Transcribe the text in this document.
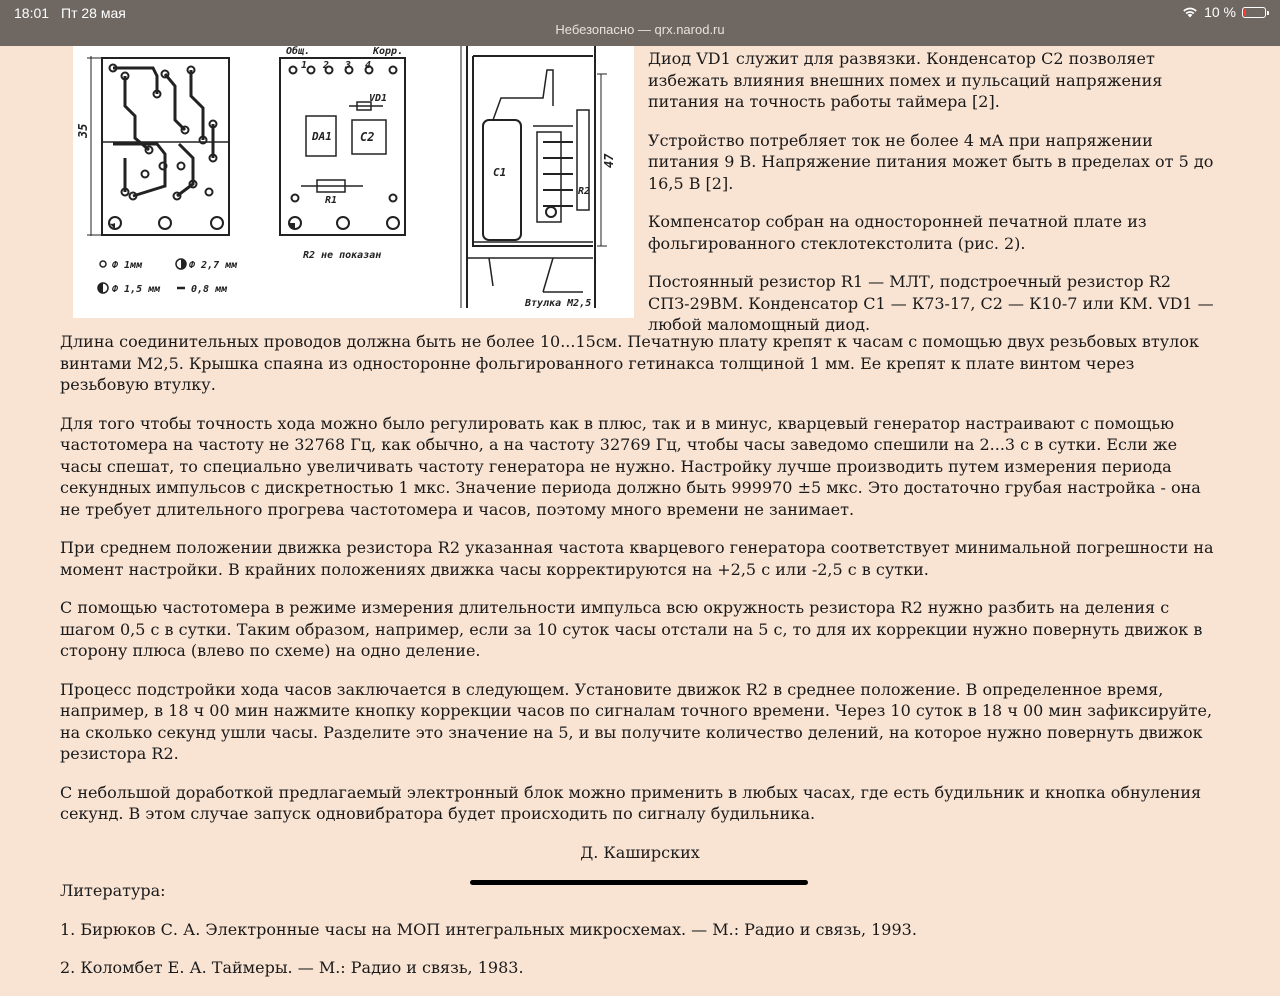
18:01 Пт 28 мая
Небезопасно — qrx.narod.ru
10 %
35
47
Общ.	Корр.
1 2 3 4
Ф 1мм	Ф 2,7 мм
Ф 1,5 мм	0,8 мм
VD1
DA1 C2
R1
R2 не показан
C1
R2
Втулка М2,5

Диод VD1 служит для развязки. Конденсатор С2 позволяет избежать влияния внешних помех и пульсаций напряжения питания на точность работы таймера [2].

Устройство потребляет ток не более 4 мА при напряжении питания 9 В. Напряжение питания может быть в пределах от 5 до 16,5 В [2].

Компенсатор собран на односторонней печатной плате из фольгированного стеклотекстолита (рис. 2).

Постоянный резистор R1 — МЛТ, подстроечный резистор R2 СПЗ-29ВМ. Конденсатор С1 — К73-17, С2 — К10-7 или КМ. VD1 — любой маломощный диод.

Длина соединительных проводов должна быть не более 10...15см. Печатную плату крепят к часам с помощью двух резьбовых втулок винтами М2,5. Крышка спаяна из односторонне фольгированного гетинакса толщиной 1 мм. Ее крепят к плате винтом через резьбовую втулку.

Для того чтобы точность хода можно было регулировать как в плюс, так и в минус, кварцевый генератор настраивают с помощью частотомера на частоту не 32768 Гц, как обычно, а на частоту 32769 Гц, чтобы часы заведомо спешили на 2...3 с в сутки. Если же часы спешат, то специально увеличивать частоту генератора не нужно. Настройку лучше производить путем измерения периода секундных импульсов с дискретностью 1 мкс. Значение периода должно быть 999970 ±5 мкс. Это достаточно грубая настройка - она не требует длительного прогрева частотомера и часов, поэтому много времени не занимает.

При среднем положении движка резистора R2 указанная частота кварцевого генератора соответствует минимальной погрешности на момент настройки. В крайних положениях движка часы корректируются на +2,5 с или -2,5 с в сутки.

С помощью частотомера в режиме измерения длительности импульса всю окружность резистора R2 нужно разбить на деления с шагом 0,5 с в сутки. Таким образом, например, если за 10 суток часы отстали на 5 с, то для их коррекции нужно повернуть движок в сторону плюса (влево по схеме) на одно деление.

Процесс подстройки хода часов заключается в следующем. Установите движок R2 в среднее положение. В определенное время, например, в 18 ч 00 мин нажмите кнопку коррекции часов по сигналам точного времени. Через 10 суток в 18 ч 00 мин зафиксируйте, на сколько секунд ушли часы. Разделите это значение на 5, и вы получите количество делений, на которое нужно повернуть движок резистора R2.

С небольшой доработкой предлагаемый электронный блок можно применить в любых часах, где есть будильник и кнопка обнуления секунд. В этом случае запуск одновибратора будет происходить по сигналу будильника.

Д. Каширских

Литература:

1. Бирюков С. А. Электронные часы на МОП интегральных микросхемах. — М.: Радио и связь, 1993.

2. Коломбет Е. А. Таймеры. — М.: Радио и связь, 1983.
